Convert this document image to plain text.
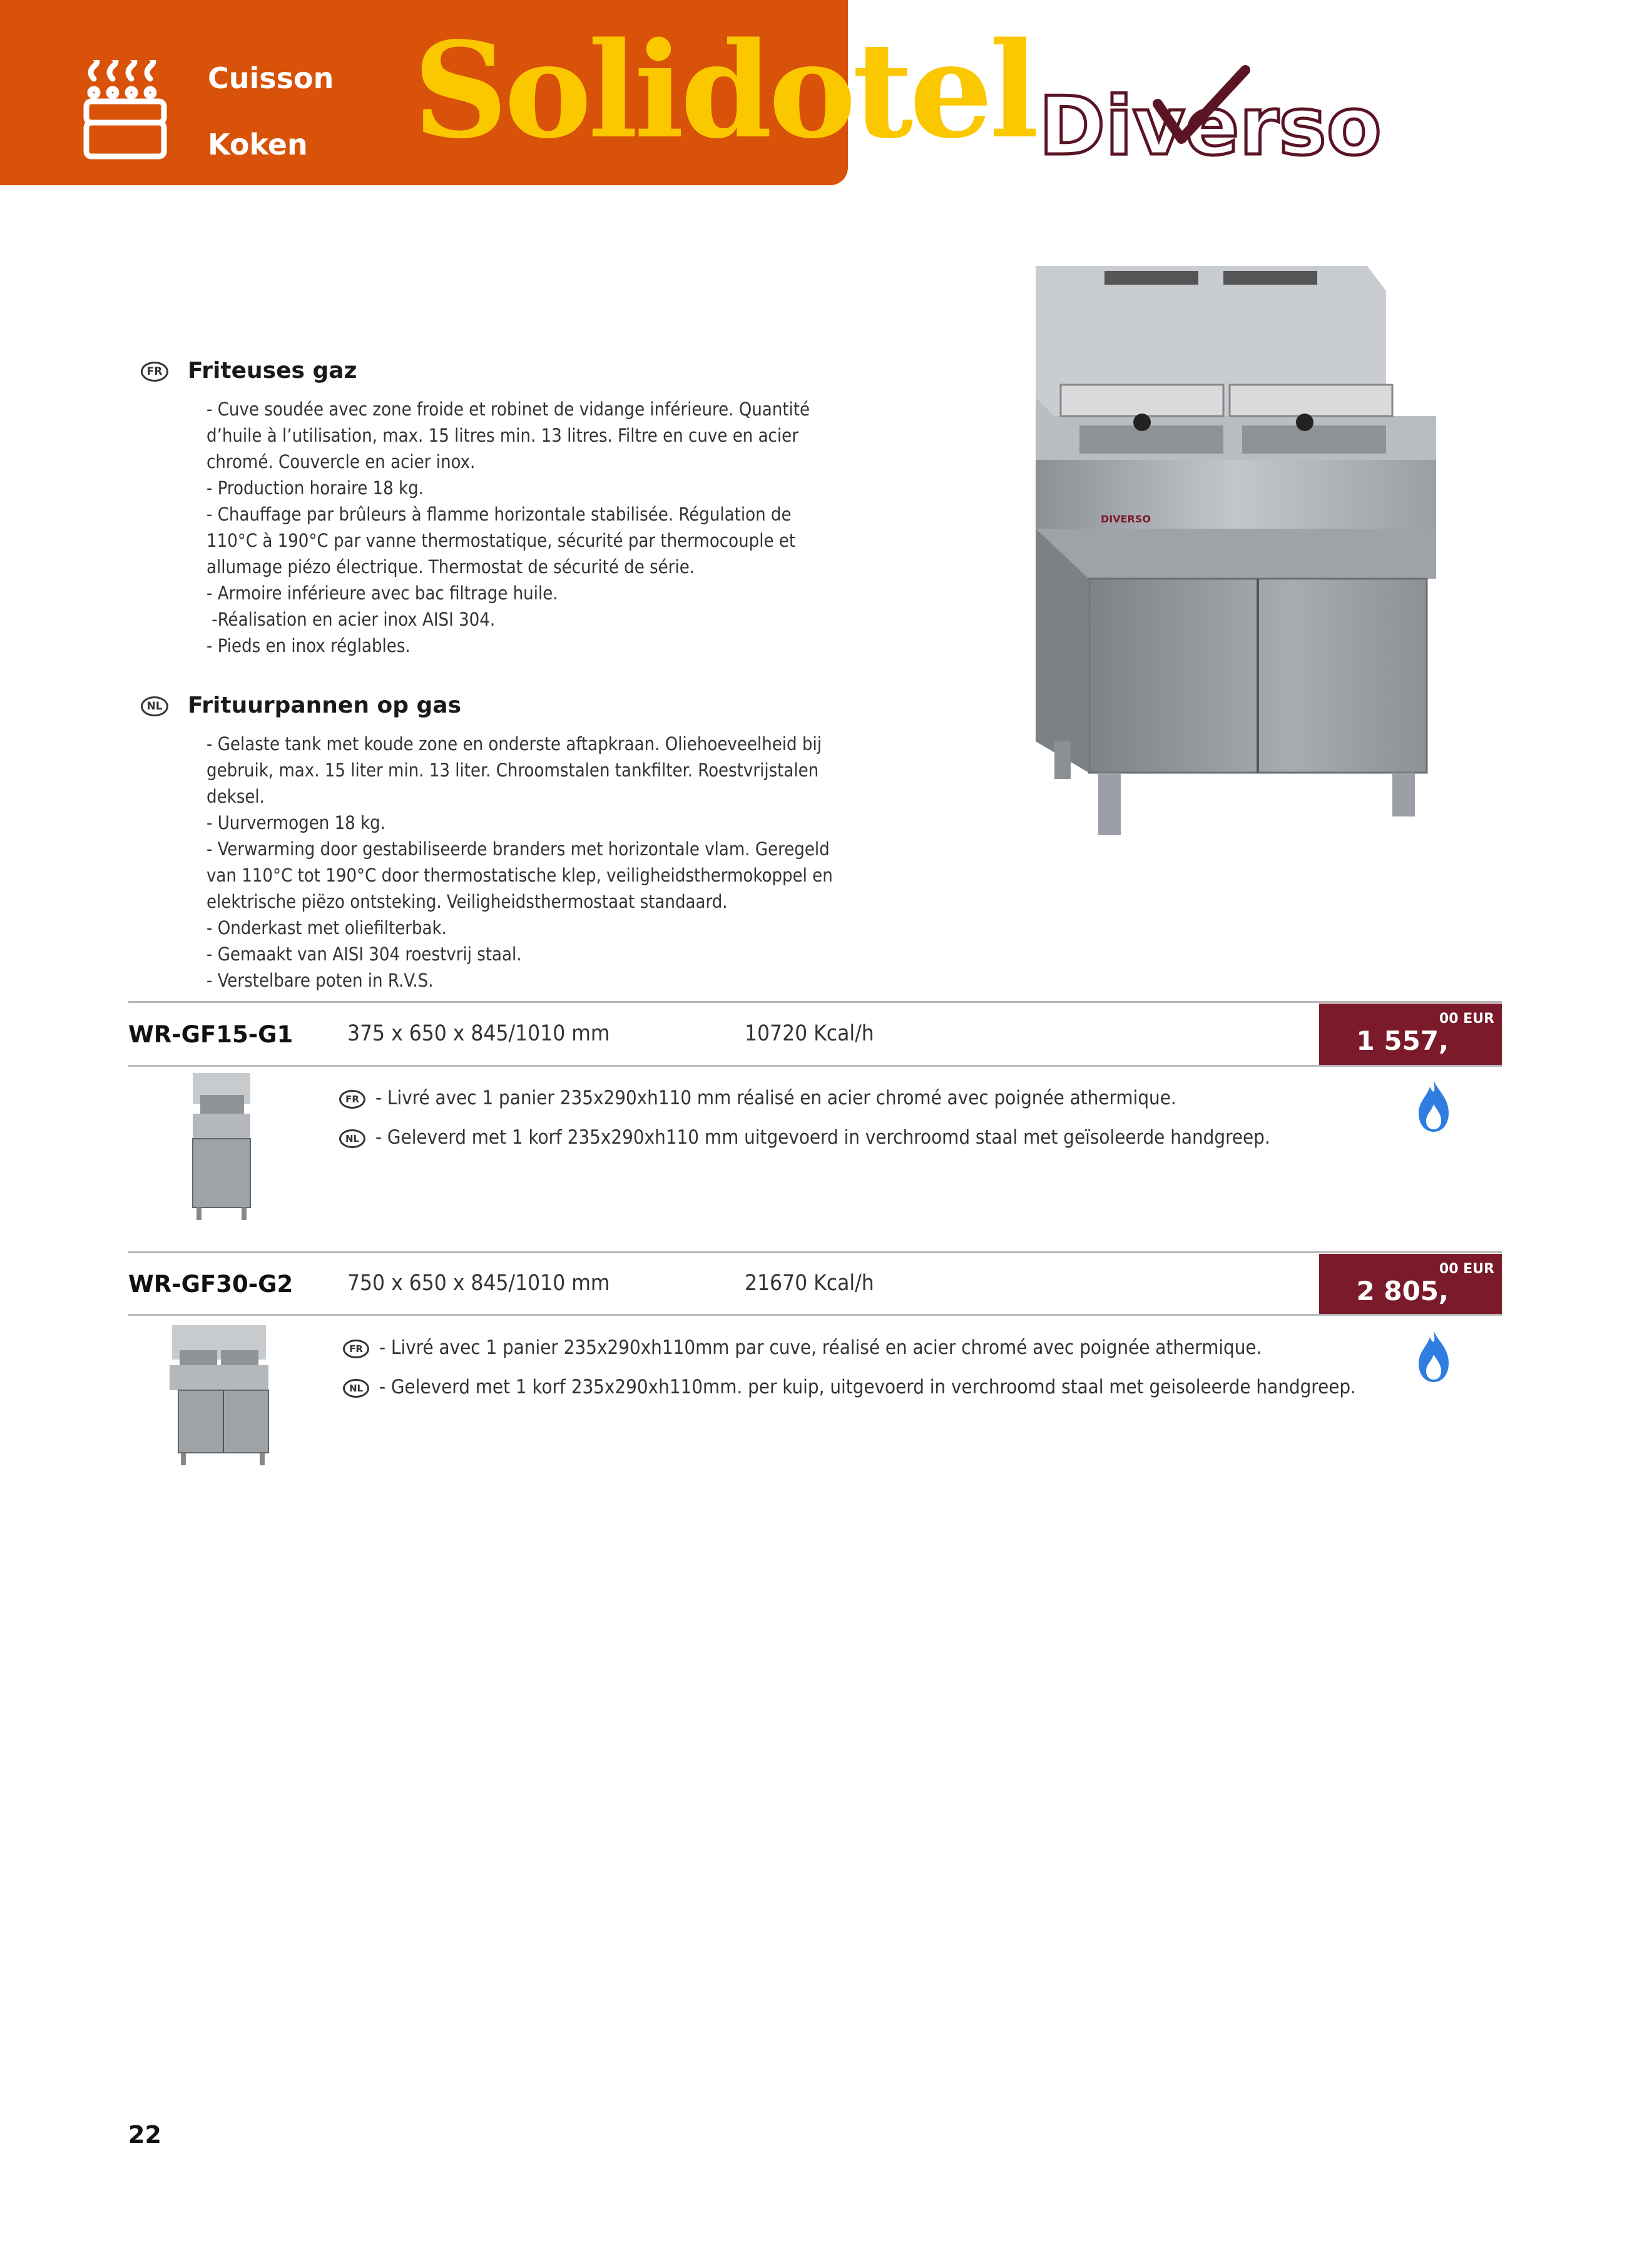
Cuisson
Koken Solidotel Diverso
DIVERSO
FR Friteuses gaz

- Cuve soudée avec zone froide et robinet de vidange inférieure. Quantité

d’huile à l’utilisation, max. 15 litres min. 13 litres. Filtre en cuve en acier

chromé. Couvercle en acier inox.

- Production horaire 18 kg.

- Chauffage par brûleurs à flamme horizontale stabilisée. Régulation de

110°C à 190°C par vanne thermostatique, sécurité par thermocouple et

allumage piézo électrique. Thermostat de sécurité de série.

- Armoire inférieure avec bac filtrage huile.

-Réalisation en acier inox AISI 304.

- Pieds en inox réglables.

NL Frituurpannen op gas

- Gelaste tank met koude zone en onderste aftapkraan. Oliehoeveelheid bij

gebruik, max. 15 liter min. 13 liter. Chroomstalen tankfilter. Roestvrijstalen

deksel.

- Uurvermogen 18 kg.

- Verwarming door gestabiliseerde branders met horizontale vlam. Geregeld

van 110°C tot 190°C door thermostatische klep, veiligheidsthermokoppel en

elektrische piëzo ontsteking. Veiligheidsthermostaat standaard.

- Onderkast met oliefilterbak.

- Gemaakt van AISI 304 roestvrij staal.

- Verstelbare poten in R.V.S.

WR-GF15-G1 375 x 650 x 845/1010 mm	10720 Kcal/h	1 557,
00 EUR
FR - Livré avec 1 panier 235x290xh110 mm réalisé en acier chromé avec poignée athermique.
NL - Geleverd met 1 korf 235x290xh110 mm uitgevoerd in verchroomd staal met geïsoleerde handgreep.
WR-GF30-G2 750 x 650 x 845/1010 mm	21670 Kcal/h	2 805,
00 EUR
FR - Livré avec 1 panier 235x290xh110mm par cuve, réalisé en acier chromé avec poignée athermique.
NL - Geleverd met 1 korf 235x290xh110mm. per kuip, uitgevoerd in verchroomd staal met geisoleerde handgreep.
22
